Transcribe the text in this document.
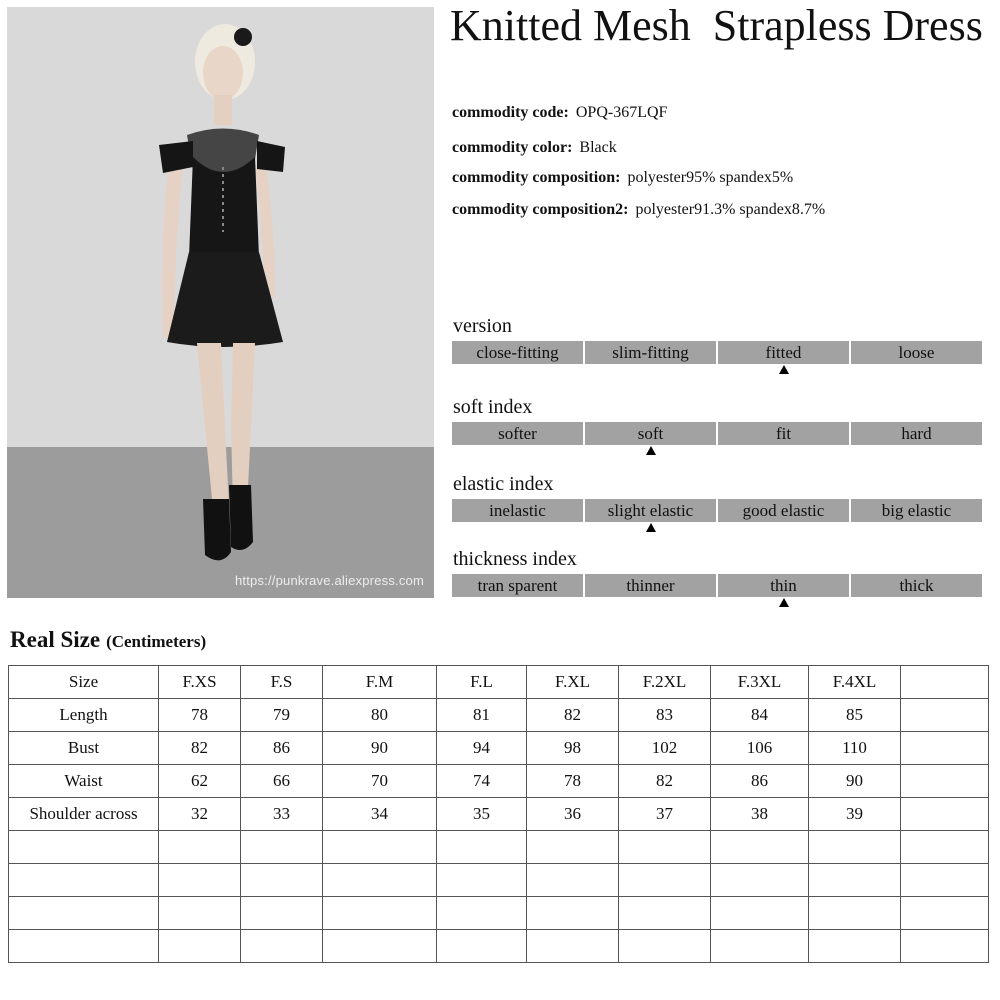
https://punkrave.aliexpress.com
Knitted Mesh  Strapless Dress
commodity code: OPQ-367LQF
commodity color: Black
commodity composition: polyester95% spandex5%
commodity composition2: polyester91.3% spandex8.7%
version
close-fitting	slim-fitting	fitted	loose
soft index
softer	soft	fit	hard
elastic index
inelastic	slight elastic	good elastic	big elastic
thickness index
tran sparent	thinner	thin	thick
Real Size (Centimeters)
Size	F.XS	F.S	F.M	F.L	F.XL	F.2XL	F.3XL	F.4XL	
Length	78	79	80	81	82	83	84	85	
Bust	82	86	90	94	98	102	106	110	
Waist	62	66	70	74	78	82	86	90	
Shoulder across	32	33	34	35	36	37	38	39	
